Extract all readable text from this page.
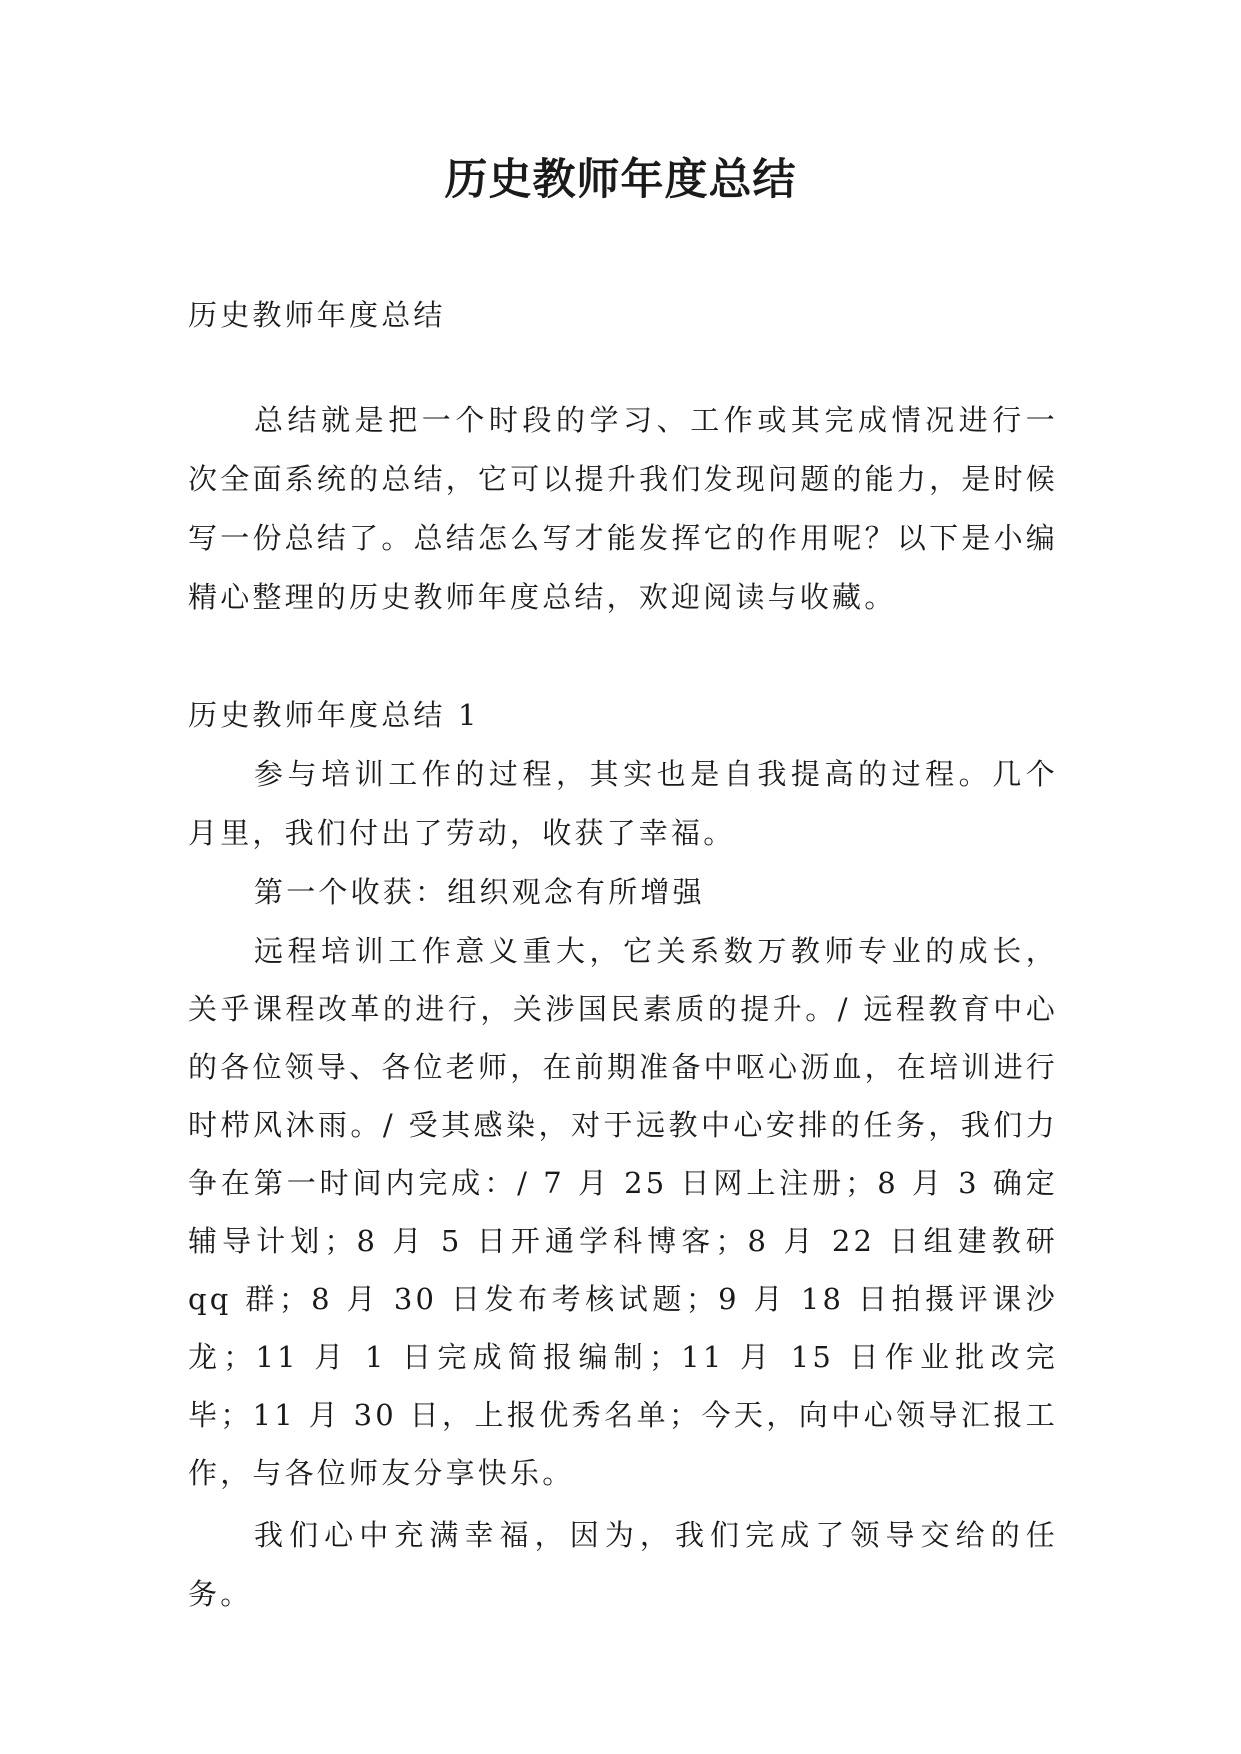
历史教师年度总结

历史教师年度总结

总结就是把一个时段的学习、工作或其完成情况进行一次全面系统的总结，它可以提升我们发现问题的能力，是时候写一份总结了。总结怎么写才能发挥它的作用呢？以下是小编精心整理的历史教师年度总结，欢迎阅读与收藏。

历史教师年度总结 1

参与培训工作的过程，其实也是自我提高的过程。几个月里，我们付出了劳动，收获了幸福。

第一个收获：组织观念有所增强

远程培训工作意义重大，它关系数万教师专业的成长，关乎课程改革的进行，关涉国民素质的提升。/ 远程教育中心的各位领导、各位老师，在前期准备中呕心沥血，在培训进行时栉风沐雨。/ 受其感染，对于远教中心安排的任务，我们力争在第一时间内完成：/ 7 月 25 日网上注册；8 月 3 确定辅导计划；8 月 5 日开通学科博客；8 月 22 日组建教研 qq 群；8 月 30 日发布考核试题；9 月 18 日拍摄评课沙龙；11 月 1 日完成简报编制；11 月 15 日作业批改完毕；11 月 30 日，上报优秀名单；今天，向中心领导汇报工作，与各位师友分享快乐。

我们心中充满幸福，因为，我们完成了领导交给的任务。
